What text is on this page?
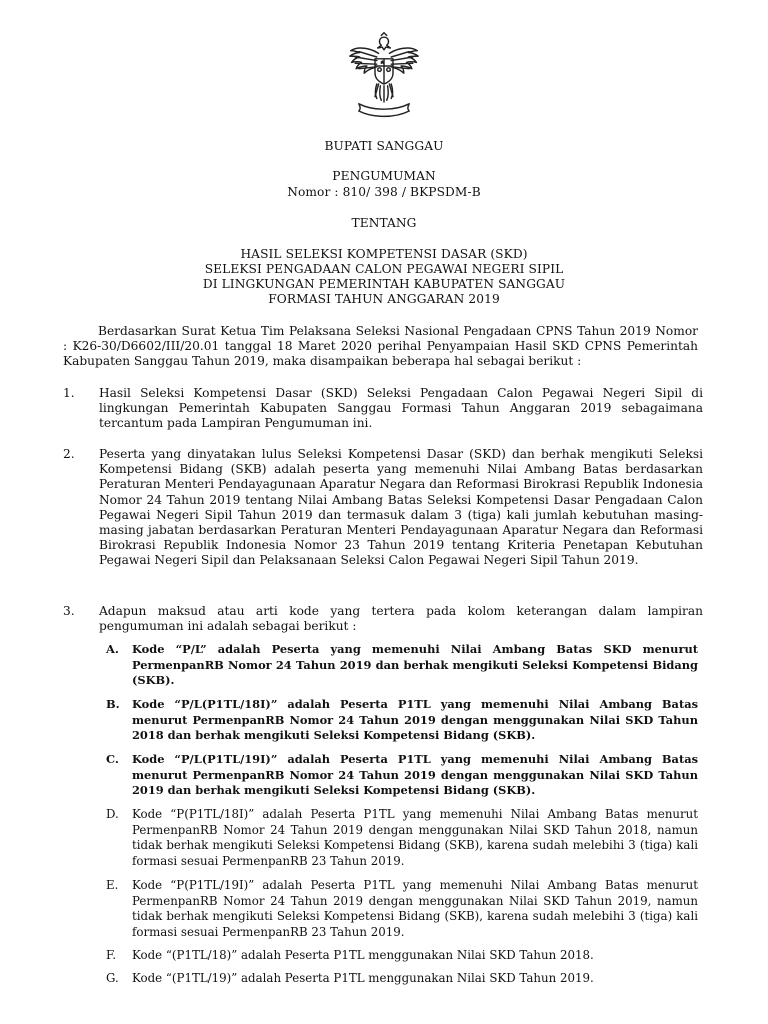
BUPATI SANGGAU
PENGUMUMAN
Nomor : 810/ 398 / BKPSDM-B
TENTANG
HASIL SELEKSI KOMPETENSI DASAR (SKD)
SELEKSI PENGADAAN CALON PEGAWAI NEGERI SIPIL
DI LINGKUNGAN PEMERINTAH KABUPATEN SANGGAU
FORMASI TAHUN ANGGARAN 2019
Berdasarkan Surat Ketua Tim Pelaksana Seleksi Nasional Pengadaan CPNS Tahun 2019 Nomor : K26-30/D6602/III/20.01 tanggal 18 Maret 2020 perihal Penyampaian Hasil SKD CPNS Pemerintah Kabupaten Sanggau Tahun 2019, maka disampaikan beberapa hal sebagai berikut :
1.	Hasil Seleksi Kompetensi Dasar (SKD) Seleksi Pengadaan Calon Pegawai Negeri Sipil di lingkungan Pemerintah Kabupaten Sanggau Formasi Tahun Anggaran 2019 sebagaimana tercantum pada Lampiran Pengumuman ini.
2.	Peserta yang dinyatakan lulus Seleksi Kompetensi Dasar (SKD) dan berhak mengikuti Seleksi Kompetensi Bidang (SKB) adalah peserta yang memenuhi Nilai Ambang Batas berdasarkan Peraturan Menteri Pendayagunaan Aparatur Negara dan Reformasi Birokrasi Republik Indonesia Nomor 24 Tahun 2019 tentang Nilai Ambang Batas Seleksi Kompetensi Dasar Pengadaan Calon Pegawai Negeri Sipil Tahun 2019 dan termasuk dalam 3 (tiga) kali jumlah kebutuhan masing-masing jabatan berdasarkan Peraturan Menteri Pendayagunaan Aparatur Negara dan Reformasi Birokrasi Republik Indonesia Nomor 23 Tahun 2019 tentang Kriteria Penetapan Kebutuhan Pegawai Negeri Sipil dan Pelaksanaan Seleksi Calon Pegawai Negeri Sipil Tahun 2019.
3.	Adapun maksud atau arti kode yang tertera pada kolom keterangan dalam lampiran pengumuman ini adalah sebagai berikut :
A.	Kode “P/L” adalah Peserta yang memenuhi Nilai Ambang Batas SKD menurut PermenpanRB Nomor 24 Tahun 2019 dan berhak mengikuti Seleksi Kompetensi Bidang (SKB).
B.	Kode “P/L(P1TL/18I)” adalah Peserta P1TL yang memenuhi Nilai Ambang Batas menurut PermenpanRB Nomor 24 Tahun 2019 dengan menggunakan Nilai SKD Tahun 2018 dan berhak mengikuti Seleksi Kompetensi Bidang (SKB).
C.	Kode “P/L(P1TL/19I)” adalah Peserta P1TL yang memenuhi Nilai Ambang Batas menurut PermenpanRB Nomor 24 Tahun 2019 dengan menggunakan Nilai SKD Tahun 2019 dan berhak mengikuti Seleksi Kompetensi Bidang (SKB).
D.	Kode “P(P1TL/18I)” adalah Peserta P1TL yang memenuhi Nilai Ambang Batas menurut PermenpanRB Nomor 24 Tahun 2019 dengan menggunakan Nilai SKD Tahun 2018, namun tidak berhak mengikuti Seleksi Kompetensi Bidang (SKB), karena sudah melebihi 3 (tiga) kali formasi sesuai PermenpanRB 23 Tahun 2019.
E.	Kode “P(P1TL/19I)” adalah Peserta P1TL yang memenuhi Nilai Ambang Batas menurut PermenpanRB Nomor 24 Tahun 2019 dengan menggunakan Nilai SKD Tahun 2019, namun tidak berhak mengikuti Seleksi Kompetensi Bidang (SKB), karena sudah melebihi 3 (tiga) kali formasi sesuai PermenpanRB 23 Tahun 2019.
F.	Kode “(P1TL/18)” adalah Peserta P1TL menggunakan Nilai SKD Tahun 2018.
G.	Kode “(P1TL/19)” adalah Peserta P1TL menggunakan Nilai SKD Tahun 2019.
